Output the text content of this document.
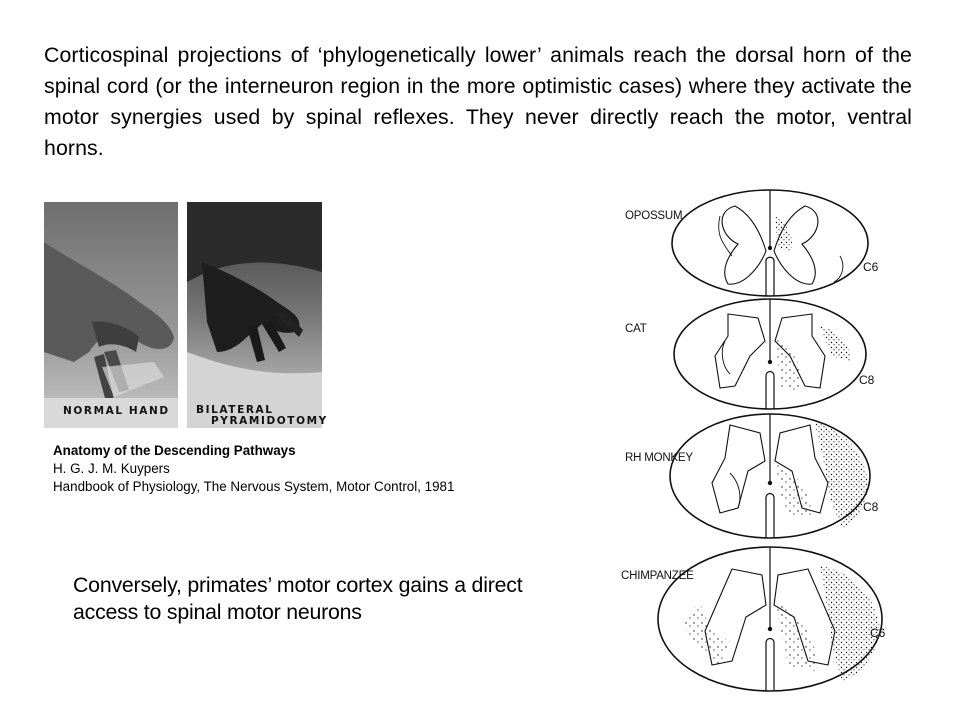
Corticospinal projections of ‘phylogenetically lower’ animals reach the dorsal horn of the spinal cord (or the interneuron region in the more optimistic cases) where they activate the motor synergies used by spinal reflexes. They never directly reach the motor, ventral horns.

NORMAL HAND	BILATERAL
PYRAMIDOTOMY
Anatomy of the Descending Pathways
H. G. J. M. Kuypers
Handbook of Physiology, The Nervous System, Motor Control, 1981

Conversely, primates’ motor cortex gains a direct access to spinal motor neurons

OPOSSUM
C6
CAT
C8
RH MONKEY
C8
CHIMPANZEE
C6
